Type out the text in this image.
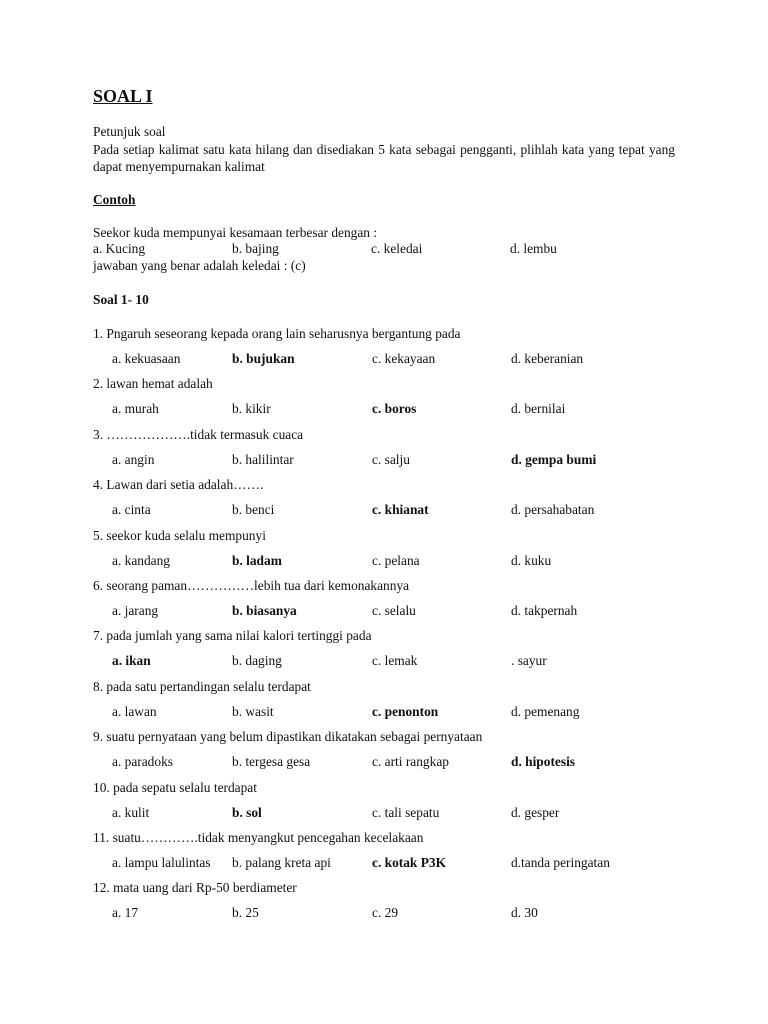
SOAL I
Petunjuk soal

Pada setiap kalimat satu kata hilang dan disediakan 5 kata sebagai pengganti, plihlah kata yang tepat yang dapat menyempurnakan kalimat

Contoh
Seekor kuda mempunyai kesamaan terbesar dengan :
a. Kucing	b. bajing	c. keledai	d. lembu
jawaban yang benar adalah keledai : (c)
Soal 1- 10
1. Pngaruh seseorang kepada orang lain seharusnya bergantung pada
a. kekuasaan	b. bujukan	c. kekayaan	d. keberanian
2. lawan hemat adalah
a. murah	b. kikir	c. boros	d. bernilai
3. ……………….tidak termasuk cuaca
a. angin	b. halilintar	c. salju	d. gempa bumi
4. Lawan dari setia adalah…….
a. cinta	b. benci	c. khianat	d. persahabatan
5. seekor kuda selalu mempunyi
a. kandang	b. ladam	c. pelana	d. kuku
6. seorang paman……………lebih tua dari kemonakannya
a. jarang	b. biasanya	c. selalu	d. takpernah
7. pada jumlah yang sama nilai kalori tertinggi pada
a. ikan	b. daging	c. lemak	. sayur
8. pada satu pertandingan selalu terdapat
a. lawan	b. wasit	c. penonton	d. pemenang
9. suatu pernyataan yang belum dipastikan dikatakan sebagai pernyataan
a. paradoks	b. tergesa gesa	c. arti rangkap	d. hipotesis
10. pada sepatu selalu terdapat
a. kulit	b. sol	c. tali sepatu	d. gesper
11. suatu………….tidak menyangkut pencegahan kecelakaan
a. lampu lalulintas b. palang kreta api	c. kotak P3K	d.tanda peringatan
12. mata uang dari Rp-50 berdiameter
a. 17	b. 25	c. 29	d. 30
